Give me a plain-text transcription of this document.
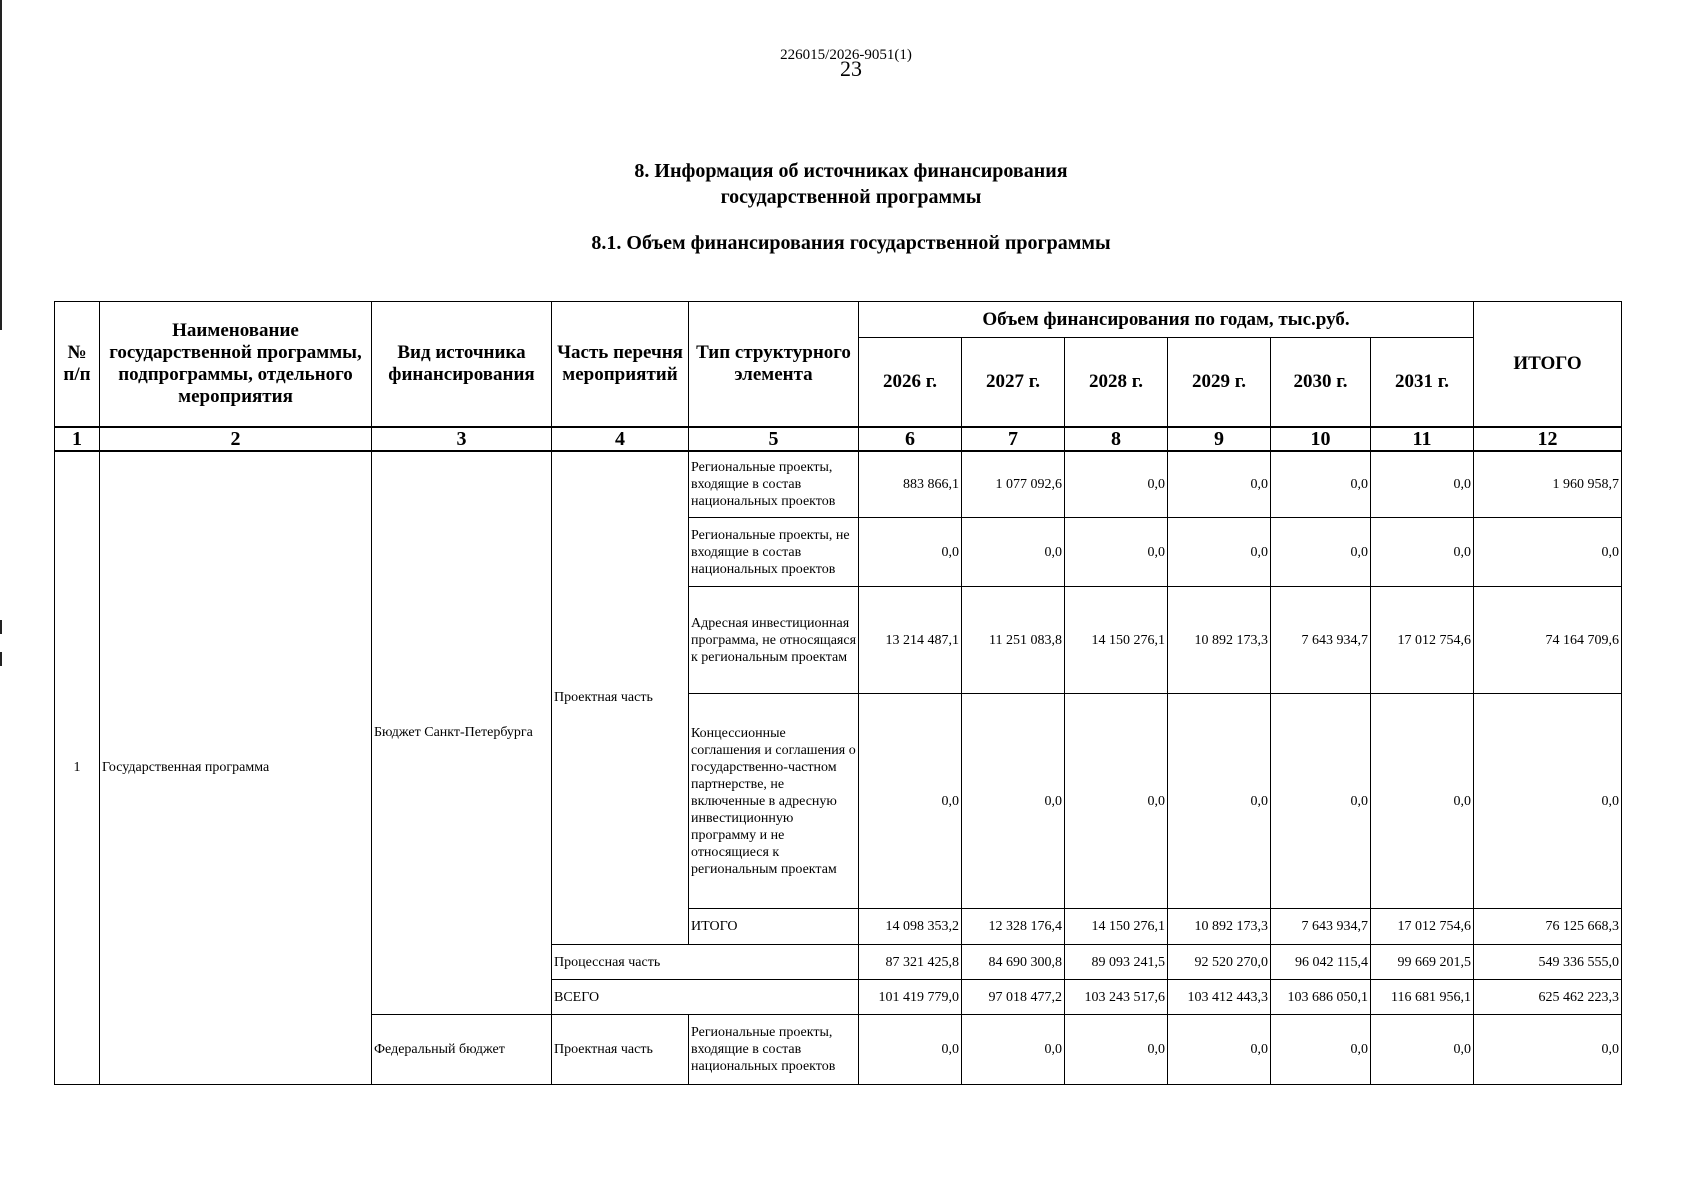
226015/2026-9051(1)
23
8. Информация об источниках финансирования
государственной программы
8.1. Объем финансирования государственной программы
№ п/п	Наименование государственной программы, подпрограммы, отдельного мероприятия	Вид источника финансирования	Часть перечня мероприятий	Тип структурного элемента	Объем финансирования по годам, тыс.руб.						ИТОГО
					2026 г.	2027 г.	2028 г.	2029 г.	2030 г.	2031 г.	
1	2	3	4	5	6	7	8	9	10	11	12
1	Государственная программа	Бюджет Санкт-Петербурга	Проектная часть	Региональные проекты, входящие в состав национальных проектов	883 866,1	1 077 092,6	0,0	0,0	0,0	0,0	1 960 958,7
				Региональные проекты, не входящие в состав национальных проектов	0,0	0,0	0,0	0,0	0,0	0,0	0,0
				Адресная инвестиционная программа, не относящаяся к региональным проектам	13 214 487,1	11 251 083,8	14 150 276,1	10 892 173,3	7 643 934,7	17 012 754,6	74 164 709,6
				Концессионные соглашения и соглашения о государственно-частном партнерстве, не включенные в адресную инвестиционную программу и не относящиеся к региональным проектам	0,0	0,0	0,0	0,0	0,0	0,0	0,0
				ИТОГО	14 098 353,2	12 328 176,4	14 150 276,1	10 892 173,3	7 643 934,7	17 012 754,6	76 125 668,3
			Процессная часть		87 321 425,8	84 690 300,8	89 093 241,5	92 520 270,0	96 042 115,4	99 669 201,5	549 336 555,0
			ВСЕГО		101 419 779,0	97 018 477,2	103 243 517,6	103 412 443,3	103 686 050,1	116 681 956,1	625 462 223,3

		Федеральный бюджет	Проектная часть	Региональные проекты, входящие в состав национальных проектов	0,0	0,0	0,0	0,0	0,0	0,0	0,0
